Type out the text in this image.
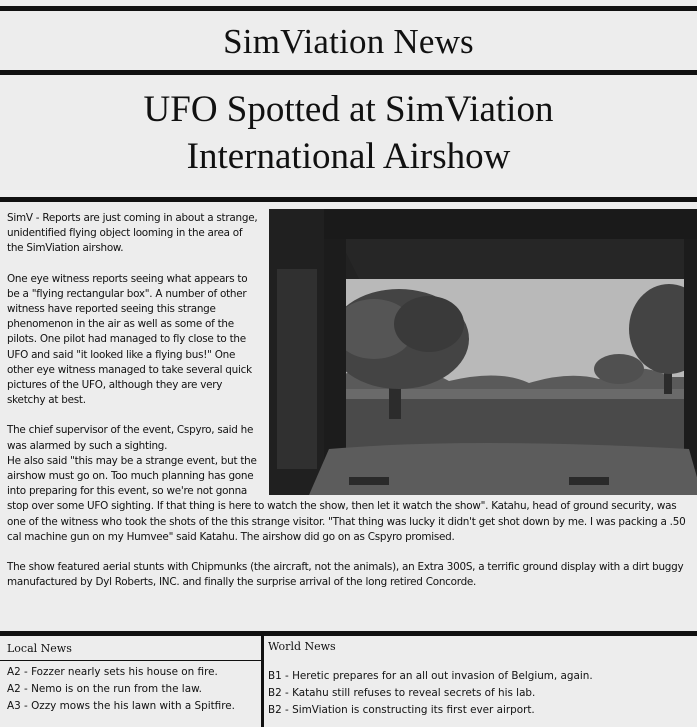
SimViation News
UFO Spotted at SimViation
International Airshow

SimV - Reports are just coming in about a strange, unidentified flying object looming in the area of the SimViation airshow.

One eye witness reports seeing what appears to be a "flying rectangular box". A number of other witness have reported seeing this strange phenomenon in the air as well as some of the pilots. One pilot had managed to fly close to the UFO and said "it looked like a flying bus!" One other eye witness managed to take several quick pictures of the UFO, although they are very sketchy at best.

The chief supervisor of the event, Cspyro, said he was alarmed by such a sighting.

He also said "this may be a strange event, but the airshow must go on. Too much planning has gone into preparing for this event, so we're not gonna stop over some UFO sighting. If that thing is here to watch the show, then let it watch the show". Katahu, head of ground security, was one of the witness who took the shots of the this strange visitor. "That thing was lucky it didn't get shot down by me. I was packing a .50 cal machine gun on my Humvee" said Katahu. The airshow did go on as Cspyro promised.

The show featured aerial stunts with Chipmunks (the aircraft, not the animals), an Extra 300S, a terrific ground display with a dirt buggy manufactured by Dyl Roberts, INC. and finally the surprise arrival of the long retired Concorde.

Local News
A2 - Fozzer nearly sets his house on fire.
A2 - Nemo is on the run from the law.
A3 - Ozzy mows the his lawn with a Spitfire.
World News
B1 - Heretic prepares for an all out invasion of Belgium, again.
B2 - Katahu still refuses to reveal secrets of his lab.
B2 - SimViation is constructing its first ever airport.
